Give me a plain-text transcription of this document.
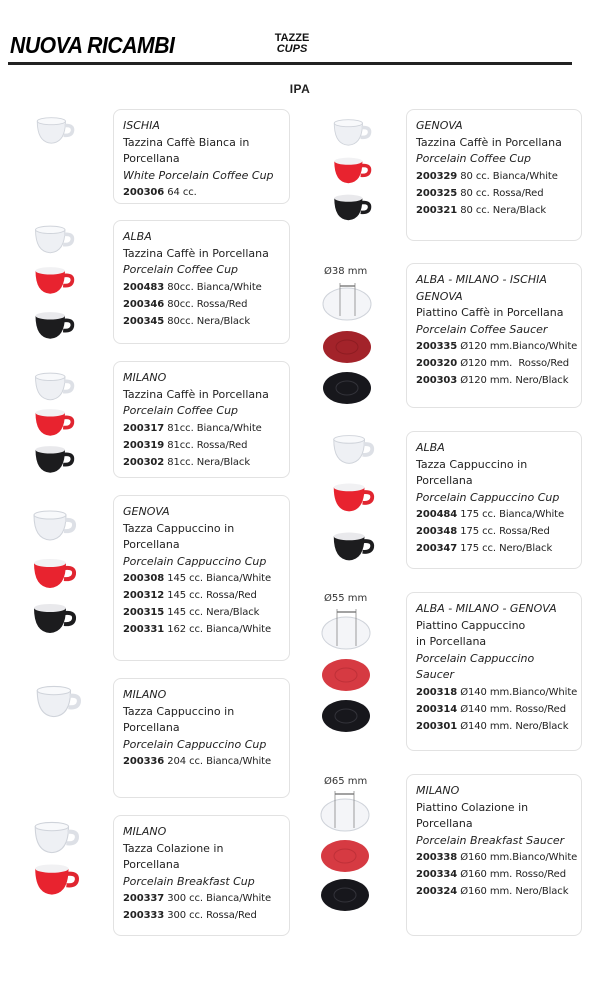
NUOVA RICAMBI	TAZZE
CUPS
IPA
ISCHIA
Tazzina Caffè Bianca in
Porcellana
White Porcelain Coffee Cup
200306 64 cc.
ALBA
Tazzina Caffè in Porcellana
Porcelain Coffee Cup
200483 80cc. Bianca/White
200346 80cc. Rossa/Red
200345 80cc. Nera/Black
MILANO
Tazzina Caffè in Porcellana
Porcelain Coffee Cup
200317 81cc. Bianca/White
200319 81cc. Rossa/Red
200302 81cc. Nera/Black
GENOVA
Tazza Cappuccino in
Porcellana
Porcelain Cappuccino Cup
200308 145 cc. Bianca/White
200312 145 cc. Rossa/Red
200315 145 cc. Nera/Black
200331 162 cc. Bianca/White
MILANO
Tazza Cappuccino in
Porcellana
Porcelain Cappuccino Cup
200336 204 cc. Bianca/White
MILANO
Tazza Colazione in
Porcellana
Porcelain Breakfast Cup
200337 300 cc. Bianca/White
200333 300 cc. Rossa/Red
GENOVA
Tazzina Caffè in Porcellana
Porcelain Coffee Cup
200329 80 cc. Bianca/White
200325 80 cc. Rossa/Red
200321 80 cc. Nera/Black
Ø38 mm
ALBA - MILANO - ISCHIA
GENOVA
Piattino Caffè in Porcellana
Porcelain Coffee Saucer
200335 Ø120 mm.Bianco/White
200320 Ø120 mm.  Rosso/Red
200303 Ø120 mm. Nero/Black
ALBA
Tazza Cappuccino in
Porcellana
Porcelain Cappuccino Cup
200484 175 cc. Bianca/White
200348 175 cc. Rossa/Red
200347 175 cc. Nero/Black
Ø55 mm
ALBA - MILANO - GENOVA
Piattino Cappuccino
in Porcellana
Porcelain Cappuccino
Saucer
200318 Ø140 mm.Bianco/White
200314 Ø140 mm. Rosso/Red
200301 Ø140 mm. Nero/Black
Ø65 mm
MILANO
Piattino Colazione in
Porcellana
Porcelain Breakfast Saucer
200338 Ø160 mm.Bianco/White
200334 Ø160 mm. Rosso/Red
200324 Ø160 mm. Nero/Black
